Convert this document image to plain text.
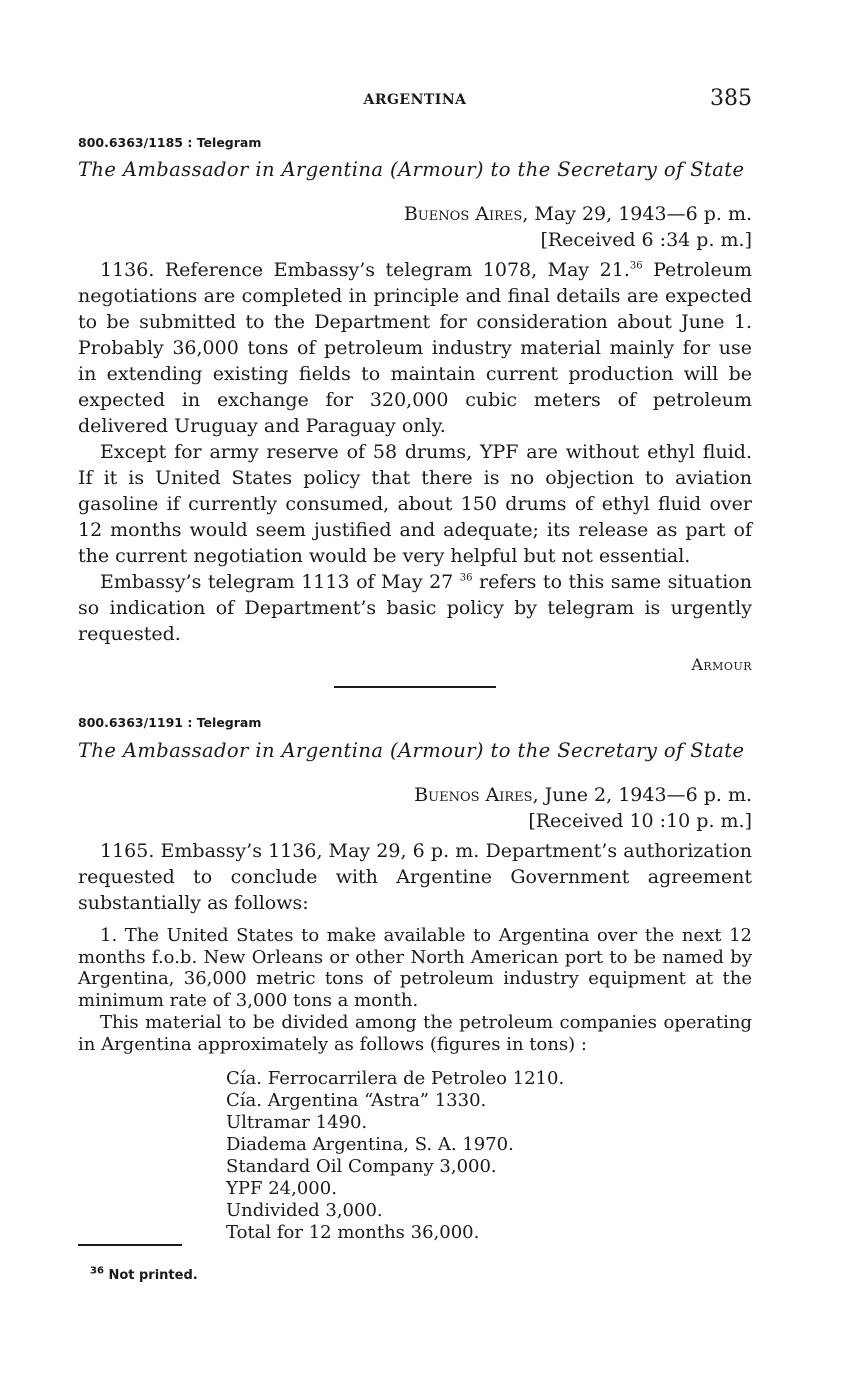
ARGENTINA	385
800.6363/1185 : Telegram
The Ambassador in Argentina (Armour) to the Secretary of State
Buenos Aires, May 29, 1943—6 p. m.
[Received 6 :34 p. m.]

1136. Reference Embassy’s telegram 1078, May 21.36 Petroleum negotiations are completed in principle and final details are expected to be submitted to the Department for consideration about June 1. Probably 36,000 tons of petroleum industry material mainly for use in extending existing fields to maintain current production will be expected in exchange for 320,000 cubic meters of petroleum delivered Uruguay and Paraguay only.

Except for army reserve of 58 drums, YPF are without ethyl fluid. If it is United States policy that there is no objection to aviation gasoline if currently consumed, about 150 drums of ethyl fluid over 12 months would seem justified and adequate; its release as part of the current negotiation would be very helpful but not essential.

Embassy’s telegram 1113 of May 27 $^{36}$ refers to this same situation so indication of Department’s basic policy by telegram is urgently requested.

Armour
800.6363/1191 : Telegram
The Ambassador in Argentina (Armour) to the Secretary of State
Buenos Aires, June 2, 1943—6 p. m.
[Received 10 :10 p. m.]

1165. Embassy’s 1136, May 29, 6 p. m. Department’s authorization requested to conclude with Argentine Government agreement substantially as follows:

1. The United States to make available to Argentina over the next 12 months f.o.b. New Orleans or other North American port to be named by Argentina, 36,000 metric tons of petroleum industry equipment at the minimum rate of 3,000 tons a month.
This material to be divided among the petroleum companies operating in Argentina approximately as follows (figures in tons) :
Cía. Ferrocarrilera de Petroleo 1210.
Cía. Argentina “Astra” 1330.
Ultramar 1490.
Diadema Argentina, S. A. 1970.
Standard Oil Company 3,000.
YPF 24,000.
Undivided 3,000.
Total for 12 months 36,000.
$^{36}$ Not printed.
